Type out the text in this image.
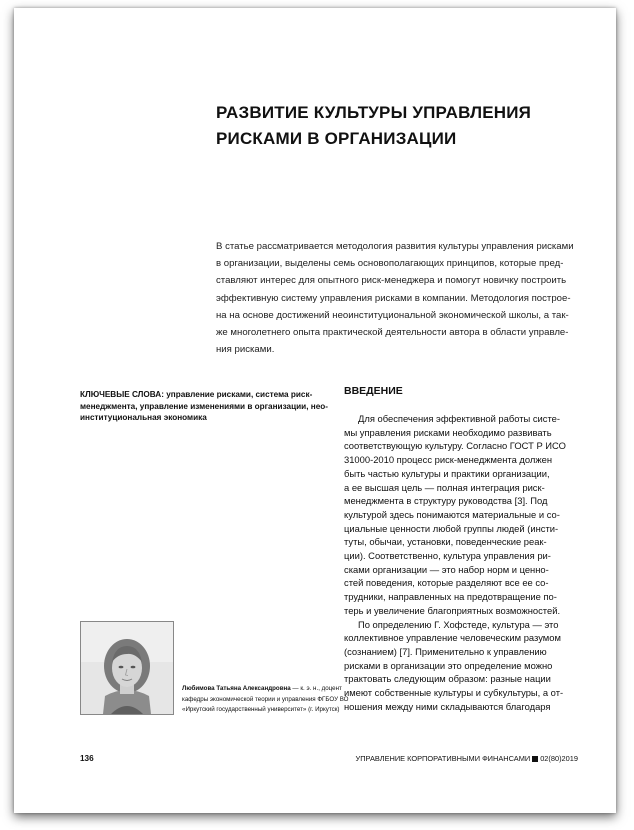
РАЗВИТИЕ КУЛЬТУРЫ УПРАВЛЕНИЯ
РИСКАМИ В ОРГАНИЗАЦИИ
В статье рассматривается методология развития культуры управления рисками
в организации, выделены семь основополагающих принципов, которые пред-
ставляют интерес для опытного риск-менеджера и помогут новичку построить
эффективную систему управления рисками в компании. Методология построе-
на на основе достижений неоинституциональной экономической школы, а так-
же многолетнего опыта практической деятельности автора в области управле-
ния рисками.
КЛЮЧЕВЫЕ СЛОВА: управление рисками, система риск-
менеджмента, управление изменениями в организации, нео-
институциональная экономика
ВВЕДЕНИЕ
Для обеспечения эффективной работы систе-
мы управления рисками необходимо развивать
соответствующую культуру. Согласно ГОСТ Р ИСО
31000-2010 процесс риск-менеджмента должен
быть частью культуры и практики организации,
а ее высшая цель — полная интеграция риск-
менеджмента в структуру руководства [3]. Под
культурой здесь понимаются материальные и со-
циальные ценности любой группы людей (инсти-
туты, обычаи, установки, поведенческие реак-
ции). Соответственно, культура управления ри-
сками организации — это набор норм и ценно-
стей поведения, которые разделяют все ее со-
трудники, направленных на предотвращение по-
терь и увеличение благоприятных возможностей.
По определению Г. Хофстеде, культура — это
коллективное управление человеческим разумом
(сознанием) [7]. Применительно к управлению
рисками в организации это определение можно
трактовать следующим образом: разные нации
имеют собственные культуры и субкультуры, а от-
ношения между ними складываются благодаря
Любимова Татьяна Александровна — к. э. н., доцент
кафедры экономической теории и управления ФГБОУ ВО
«Иркутский государственный университет» (г. Иркутск)
136	УПРАВЛЕНИЕ КОРПОРАТИВНЫМИ ФИНАНСАМИ 02(80)2019
